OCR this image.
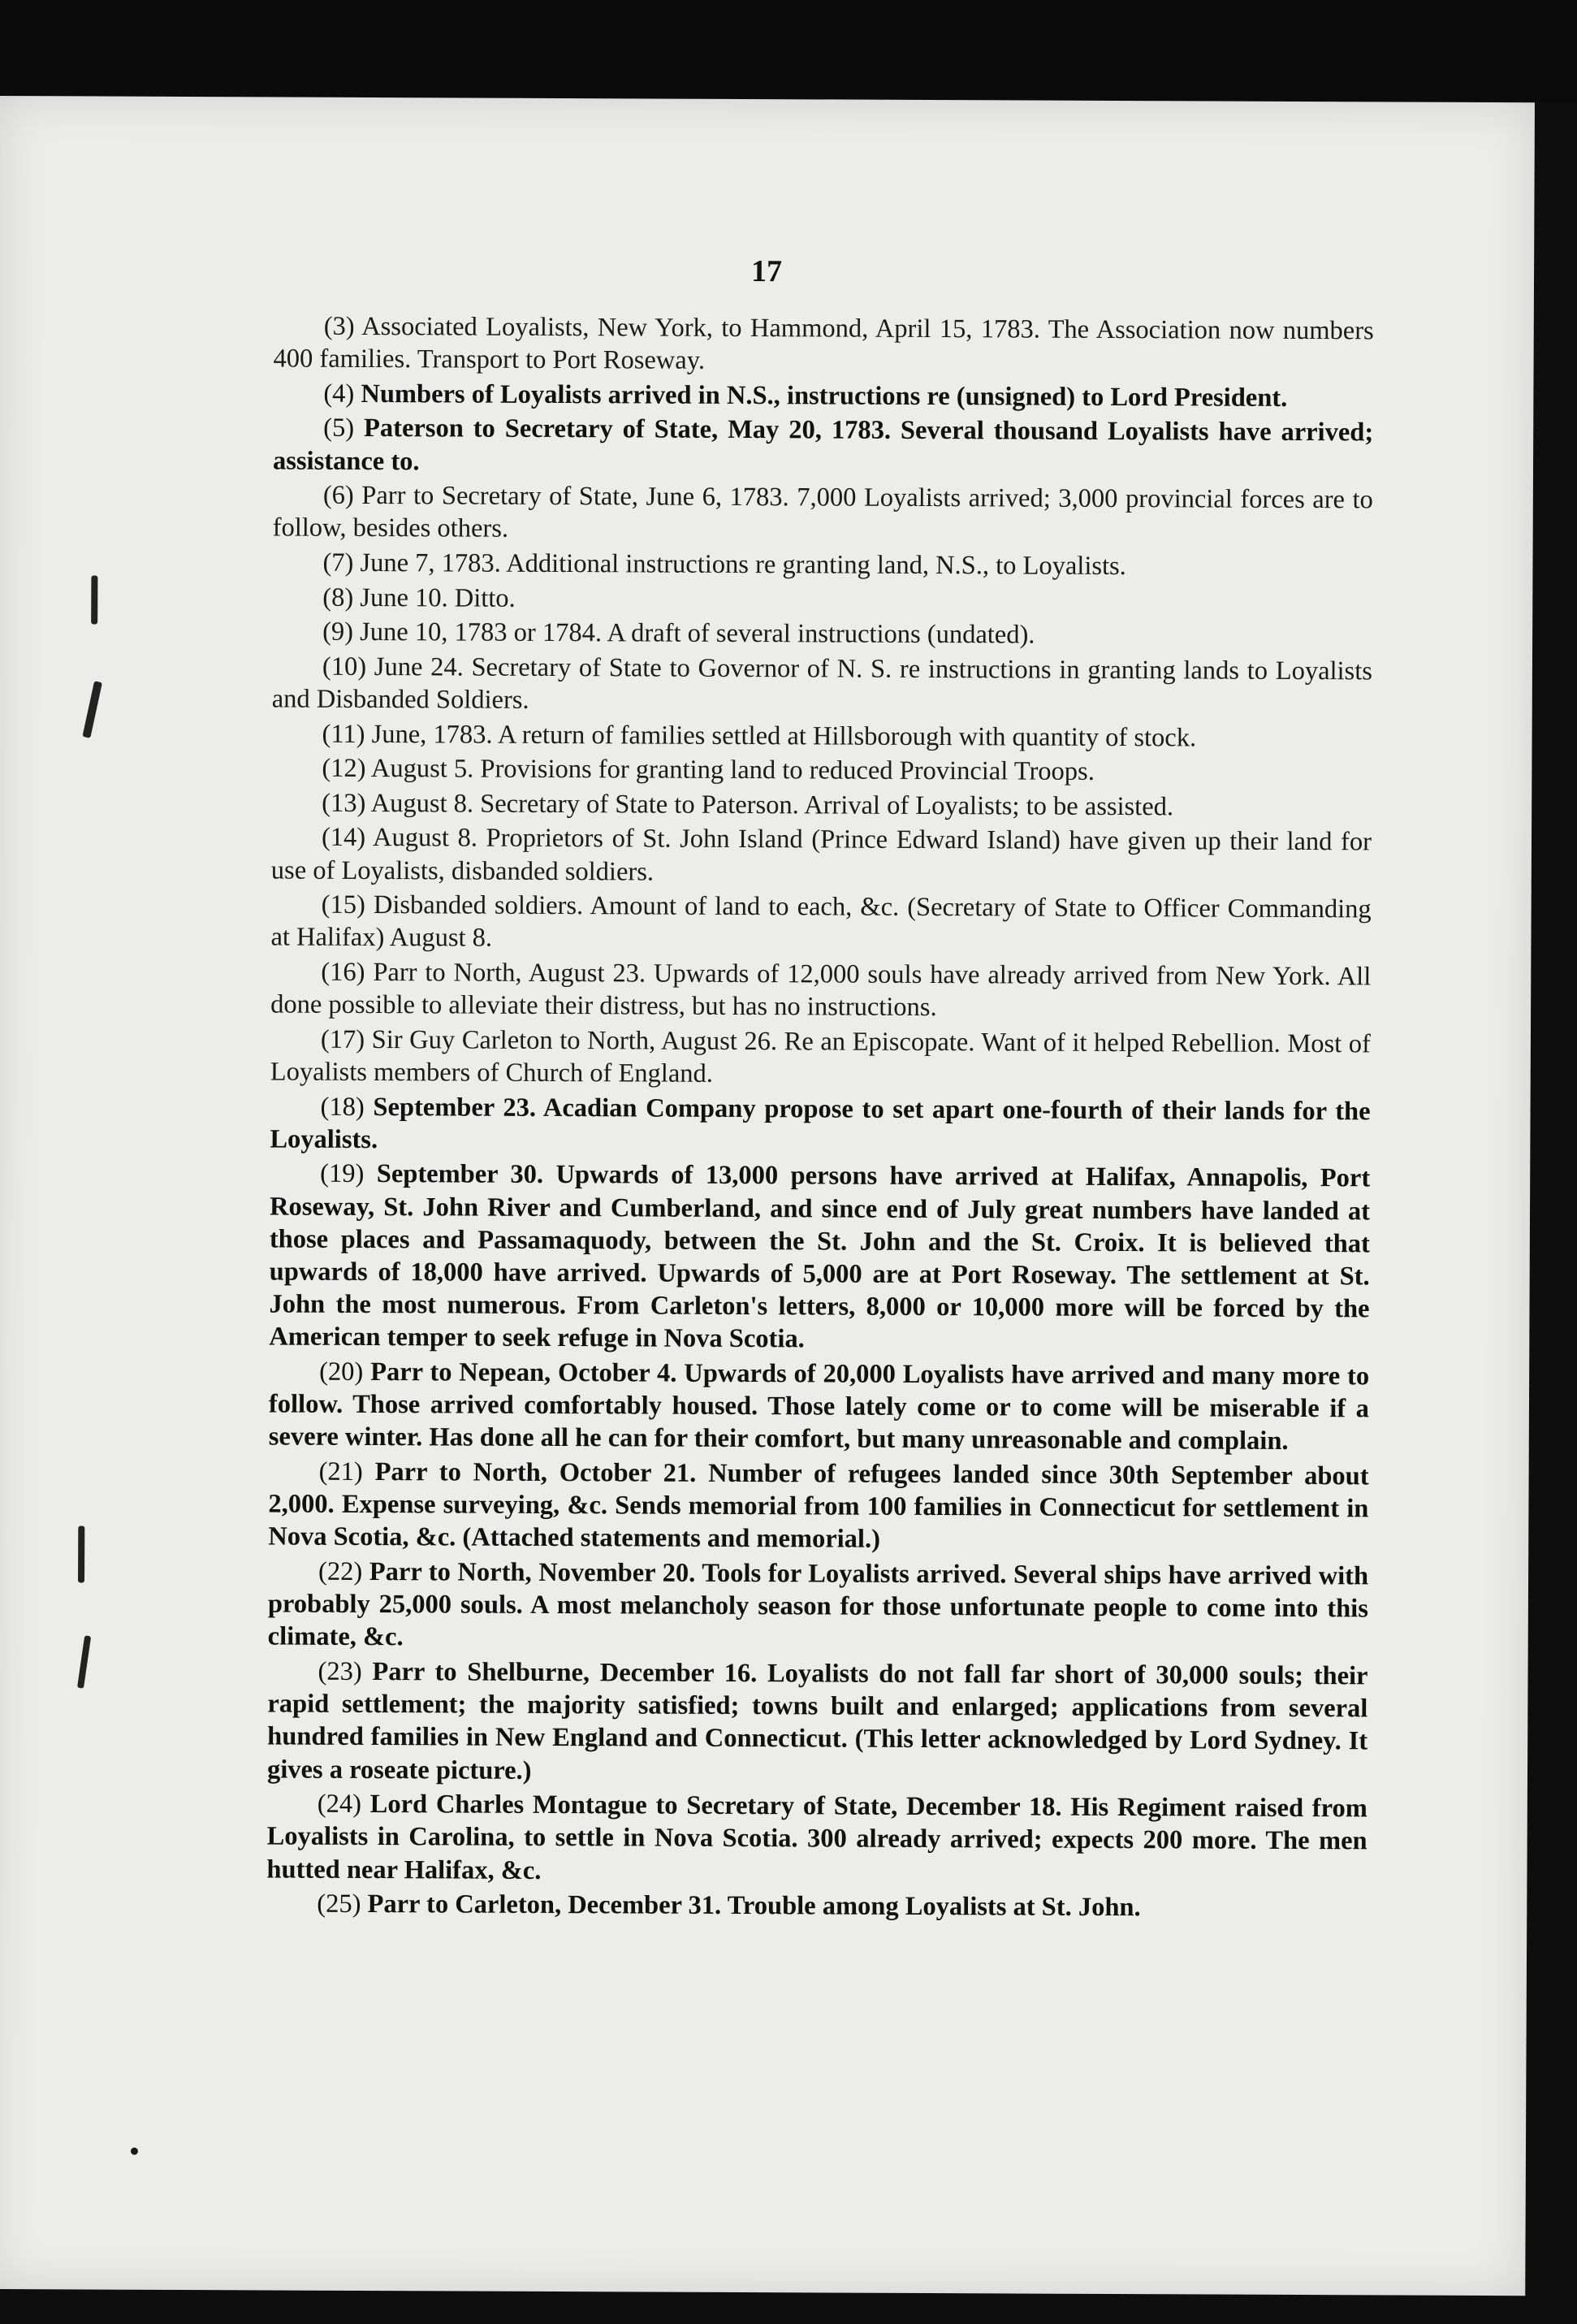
17

(3) Associated Loyalists, New York, to Hammond, April 15, 1783. The Association now numbers 400 families. Transport to Port Roseway.

(4) Numbers of Loyalists arrived in N.S., instructions re (unsigned) to Lord President.

(5) Paterson to Secretary of State, May 20, 1783. Several thousand Loyalists have arrived; assistance to.

(6) Parr to Secretary of State, June 6, 1783. 7,000 Loyalists arrived; 3,000 provincial forces are to follow, besides others.

(7) June 7, 1783. Additional instructions re granting land, N.S., to Loyalists.

(8) June 10. Ditto.

(9) June 10, 1783 or 1784. A draft of several instructions (undated).

(10) June 24. Secretary of State to Governor of N. S. re instructions in granting lands to Loyalists and Disbanded Soldiers.

(11) June, 1783. A return of families settled at Hillsborough with quantity of stock.

(12) August 5. Provisions for granting land to reduced Provincial Troops.

(13) August 8. Secretary of State to Paterson. Arrival of Loyalists; to be assisted.

(14) August 8. Proprietors of St. John Island (Prince Edward Island) have given up their land for use of Loyalists, disbanded soldiers.

(15) Disbanded soldiers. Amount of land to each, &c. (Secretary of State to Officer Commanding at Halifax) August 8.

(16) Parr to North, August 23. Upwards of 12,000 souls have already arrived from New York. All done possible to alleviate their distress, but has no instructions.

(17) Sir Guy Carleton to North, August 26. Re an Episcopate. Want of it helped Rebellion. Most of Loyalists members of Church of England.

(18) September 23. Acadian Company propose to set apart one-fourth of their lands for the Loyalists.

(19) September 30. Upwards of 13,000 persons have arrived at Halifax, Annapolis, Port Roseway, St. John River and Cumberland, and since end of July great numbers have landed at those places and Passamaquody, between the St. John and the St. Croix. It is believed that upwards of 18,000 have arrived. Upwards of 5,000 are at Port Roseway. The settlement at St. John the most numerous. From Carleton's letters, 8,000 or 10,000 more will be forced by the American temper to seek refuge in Nova Scotia.

(20) Parr to Nepean, October 4. Upwards of 20,000 Loyalists have arrived and many more to follow. Those arrived comfortably housed. Those lately come or to come will be miserable if a severe winter. Has done all he can for their comfort, but many unreasonable and complain.

(21) Parr to North, October 21. Number of refugees landed since 30th September about 2,000. Expense surveying, &c. Sends memorial from 100 families in Connecticut for settlement in Nova Scotia, &c. (Attached statements and memorial.)

(22) Parr to North, November 20. Tools for Loyalists arrived. Several ships have arrived with probably 25,000 souls. A most melancholy season for those unfortunate people to come into this climate, &c.

(23) Parr to Shelburne, December 16. Loyalists do not fall far short of 30,000 souls; their rapid settlement; the majority satisfied; towns built and enlarged; applications from several hundred families in New England and Connecticut. (This letter acknowledged by Lord Sydney. It gives a roseate picture.)

(24) Lord Charles Montague to Secretary of State, December 18. His Regiment raised from Loyalists in Carolina, to settle in Nova Scotia. 300 already arrived; expects 200 more. The men hutted near Halifax, &c.

(25) Parr to Carleton, December 31. Trouble among Loyalists at St. John.
